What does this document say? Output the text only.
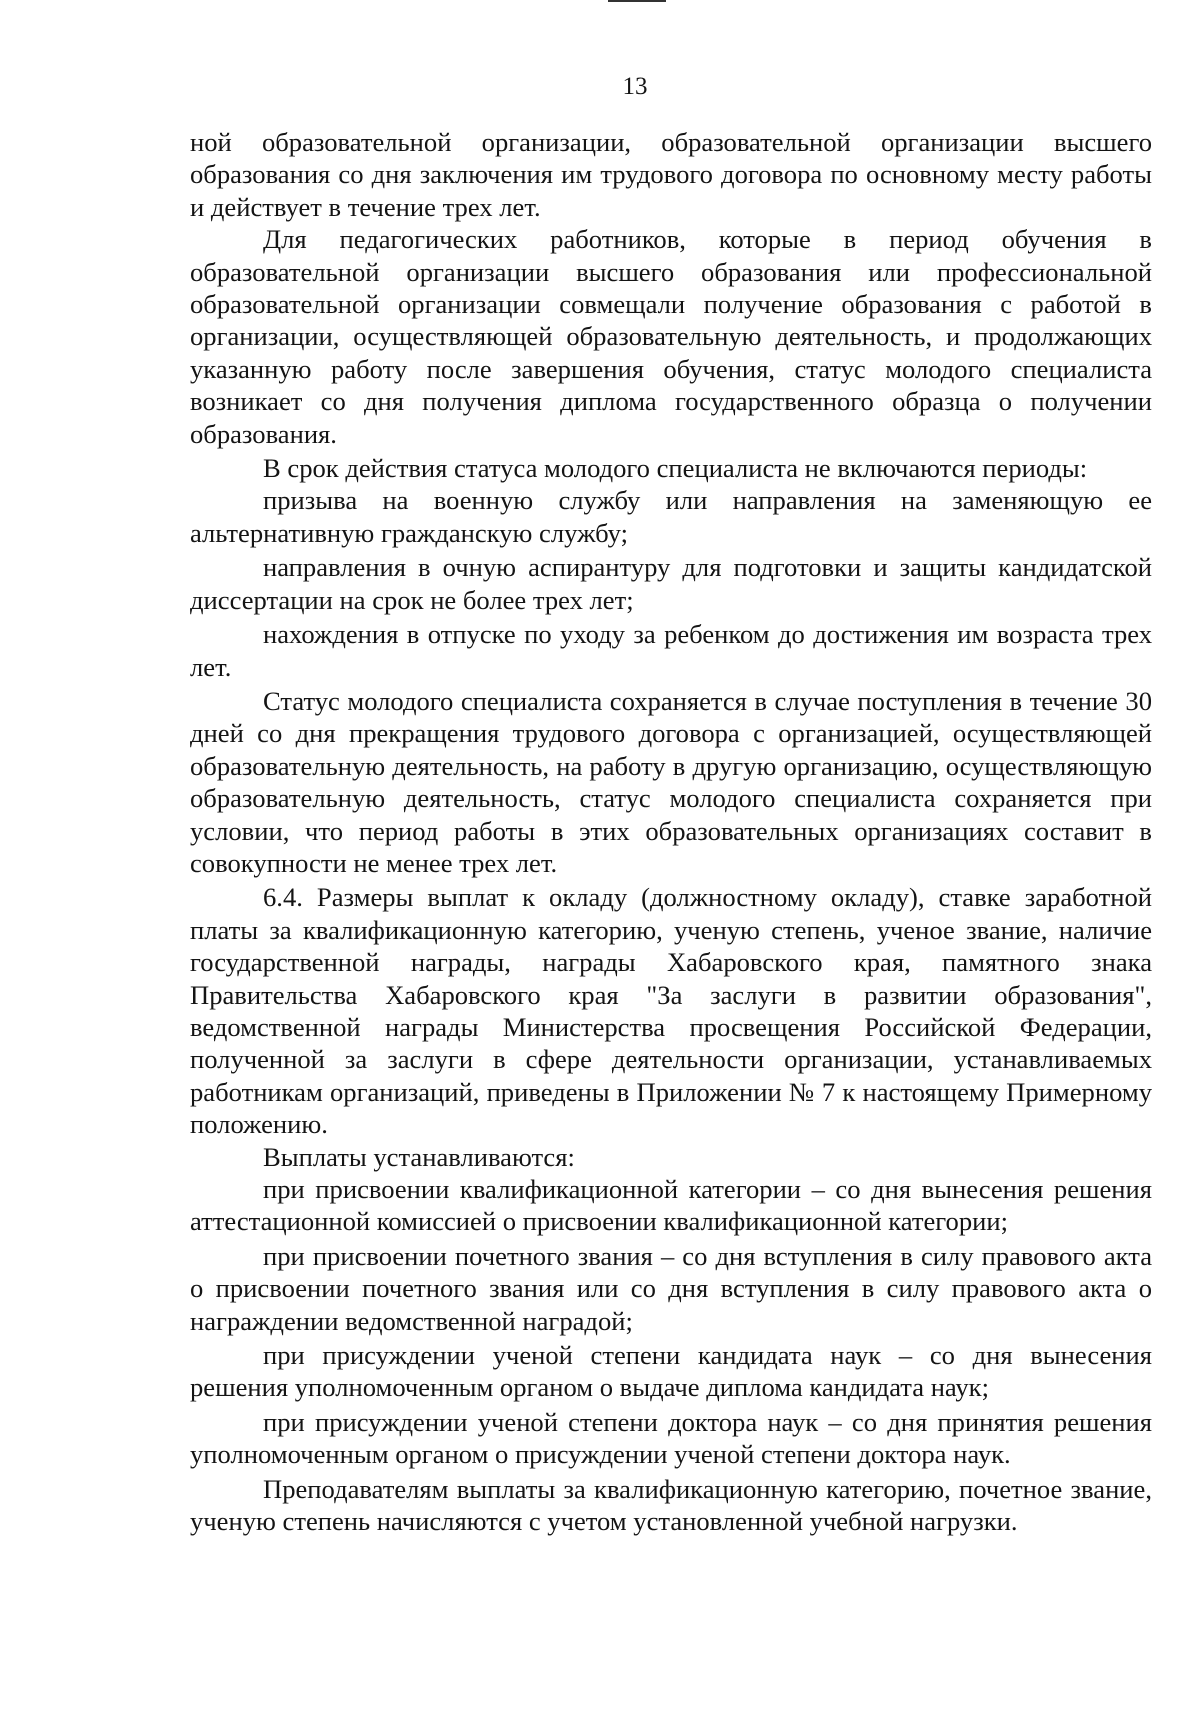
13

ной образовательной организации, образовательной организации высшего образования со дня заключения им трудового договора по основному месту работы и действует в течение трех лет.

Для педагогических работников, которые в период обучения в образовательной организации высшего образования или профессиональной образовательной организации совмещали получение образования с работой в организации, осуществляющей образовательную деятельность, и продолжающих указанную работу после завершения обучения, статус молодого специалиста возникает со дня получения диплома государственного образца о получении образования.

В срок действия статуса молодого специалиста не включаются периоды:

призыва на военную службу или направления на заменяющую ее альтернативную гражданскую службу;

направления в очную аспирантуру для подготовки и защиты кандидатской диссертации на срок не более трех лет;

нахождения в отпуске по уходу за ребенком до достижения им возраста трех лет.

Статус молодого специалиста сохраняется в случае поступления в течение 30 дней со дня прекращения трудового договора с организацией, осуществляющей образовательную деятельность, на работу в другую организацию, осуществляющую образовательную деятельность, статус молодого специалиста сохраняется при условии, что период работы в этих образовательных организациях составит в совокупности не менее трех лет.

6.4. Размеры выплат к окладу (должностному окладу), ставке заработной платы за квалификационную категорию, ученую степень, ученое звание, наличие государственной награды, награды Хабаровского края, памятного знака Правительства Хабаровского края "За заслуги в развитии образования", ведомственной награды Министерства просвещения Российской Федерации, полученной за заслуги в сфере деятельности организации, устанавливаемых работникам организаций, приведены в Приложении № 7 к настоящему Примерному положению.

Выплаты устанавливаются:

при присвоении квалификационной категории – со дня вынесения решения аттестационной комиссией о присвоении квалификационной категории;

при присвоении почетного звания – со дня вступления в силу правового акта о присвоении почетного звания или со дня вступления в силу правового акта о награждении ведомственной наградой;

при присуждении ученой степени кандидата наук – со дня вынесения решения уполномоченным органом о выдаче диплома кандидата наук;

при присуждении ученой степени доктора наук – со дня принятия решения уполномоченным органом о присуждении ученой степени доктора наук.

Преподавателям выплаты за квалификационную категорию, почетное звание, ученую степень начисляются с учетом установленной учебной нагрузки.
